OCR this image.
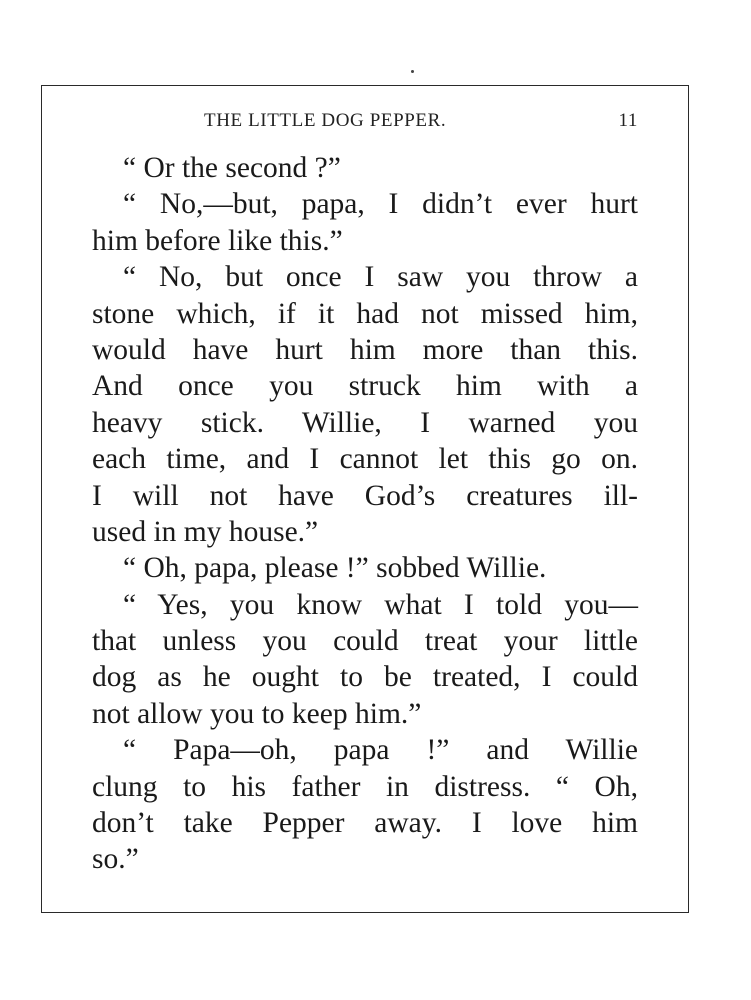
THE LITTLE DOG PEPPER.	11
“ Or the second ?”
“ No,—but, papa, I didn’t ever hurt
him before like this.”
“ No, but once I saw you throw a
stone which, if it had not missed him,
would have hurt him more than this.
And once you struck him with a
heavy stick. Willie, I warned you
each time, and I cannot let this go on.
I will not have God’s creatures ill-
used in my house.”
“ Oh, papa, please !” sobbed Willie.
“ Yes, you know what I told you—
that unless you could treat your little
dog as he ought to be treated, I could
not allow you to keep him.”
“ Papa—oh, papa !” and Willie
clung to his father in distress. “ Oh,
don’t take Pepper away. I love him
so.”
